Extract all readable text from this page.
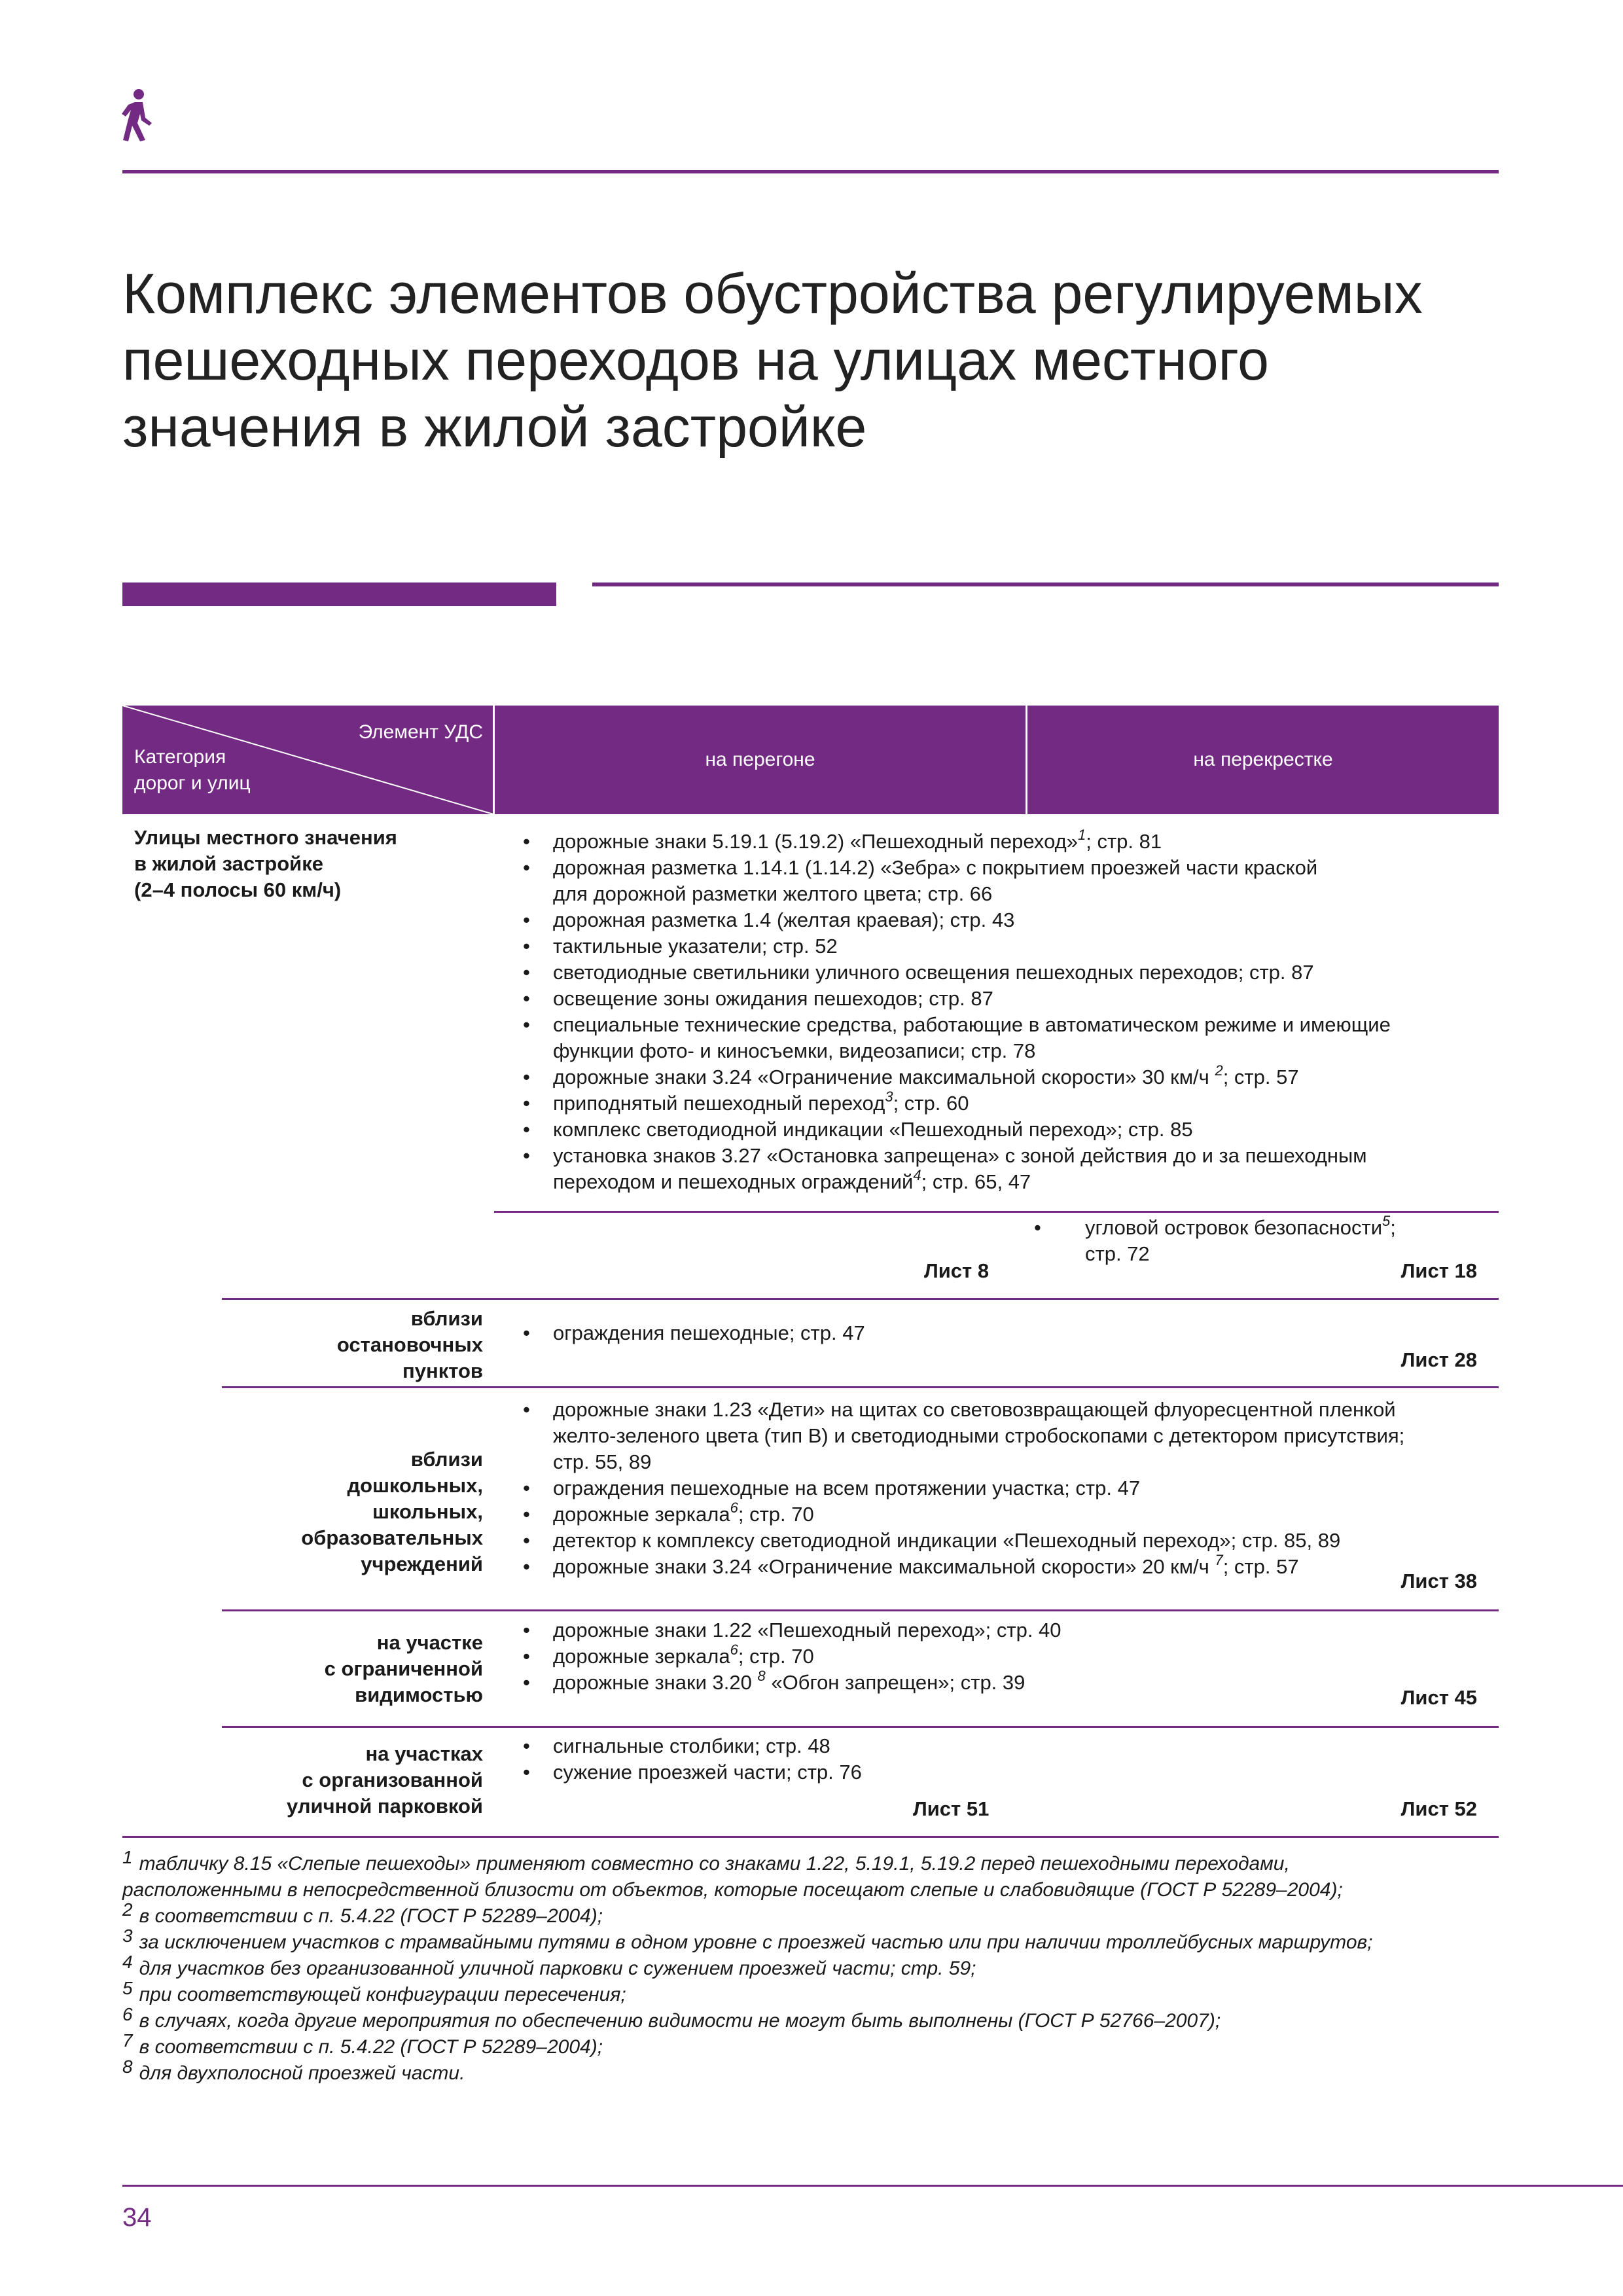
Комплекс элементов обустройства регулируемых
пешеходных переходов на улицах местного
значения в жилой застройке
Элемент УДС
Категория
дорог и улиц
на перегоне	на перекрестке
Улицы местного значения
в жилой застройке
(2–4 полосы 60 км/ч)
• дорожные знаки 5.19.1 (5.19.2) «Пешеходный переход»$^1$; стр. 81
• дорожная разметка 1.14.1 (1.14.2) «Зебра» с покрытием проезжей части краской
для дорожной разметки желтого цвета; стр. 66
• дорожная разметка 1.4 (желтая краевая); стр. 43
• тактильные указатели; стр. 52
• светодиодные светильники уличного освещения пешеходных переходов; стр. 87
• освещение зоны ожидания пешеходов; стр. 87
• специальные технические средства, работающие в автоматическом режиме и имеющие
функции фото- и киносъемки, видеозаписи; стр. 78
• дорожные знаки 3.24 «Ограничение максимальной скорости» 30 км/ч $^2$; стр. 57
• приподнятый пешеходный переход$^3$; стр. 60
• комплекс светодиодной индикации «Пешеходный переход»; стр. 85
• установка знаков 3.27 «Остановка запрещена» с зоной действия до и за пешеходным
переходом и пешеходных ограждений$^4$; стр. 65, 47
•	угловой островок безопасности$^5$;
стр. 72
Лист 8	Лист 18
вблизи
остановочных
пунктов
• ограждения пешеходные; стр. 47
Лист 28
вблизи
дошкольных,
школьных,
образовательных
учреждений
• дорожные знаки 1.23 «Дети» на щитах со световозвращающей флуоресцентной пленкой
желто-зеленого цвета (тип В) и светодиодными стробоскопами с детектором присутствия;
стр. 55, 89
• ограждения пешеходные на всем протяжении участка; стр. 47
• дорожные зеркала$^6$; стр. 70
• детектор к комплексу светодиодной индикации «Пешеходный переход»; стр. 85, 89
• дорожные знаки 3.24 «Ограничение максимальной скорости» 20 км/ч $^7$; стр. 57
Лист 38
на участке
с ограниченной
видимостью
• дорожные знаки 1.22 «Пешеходный переход»; стр. 40
• дорожные зеркала$^6$; стр. 70
• дорожные знаки 3.20 $^8$ «Обгон запрещен»; стр. 39
Лист 45
на участках
с организованной
уличной парковкой
• сигнальные столбики; стр. 48
• сужение проезжей части; стр. 76
Лист 51	Лист 52
1 табличку 8.15 «Слепые пешеходы» применяют совместно со знаками 1.22, 5.19.1, 5.19.2 перед пешеходными переходами,
расположенными в непосредственной близости от объектов, которые посещают слепые и слабовидящие (ГОСТ Р 52289–2004);
2 в соответствии с п. 5.4.22 (ГОСТ Р 52289–2004);
3 за исключением участков с трамвайными путями в одном уровне с проезжей частью или при наличии троллейбусных маршрутов;
4 для участков без организованной уличной парковки с сужением проезжей части; стр. 59;
5 при соответствующей конфигурации пересечения;
6 в случаях, когда другие мероприятия по обеспечению видимости не могут быть выполнены (ГОСТ Р 52766–2007);
7 в соответствии с п. 5.4.22 (ГОСТ Р 52289–2004);
8 для двухполосной проезжей части.
34
